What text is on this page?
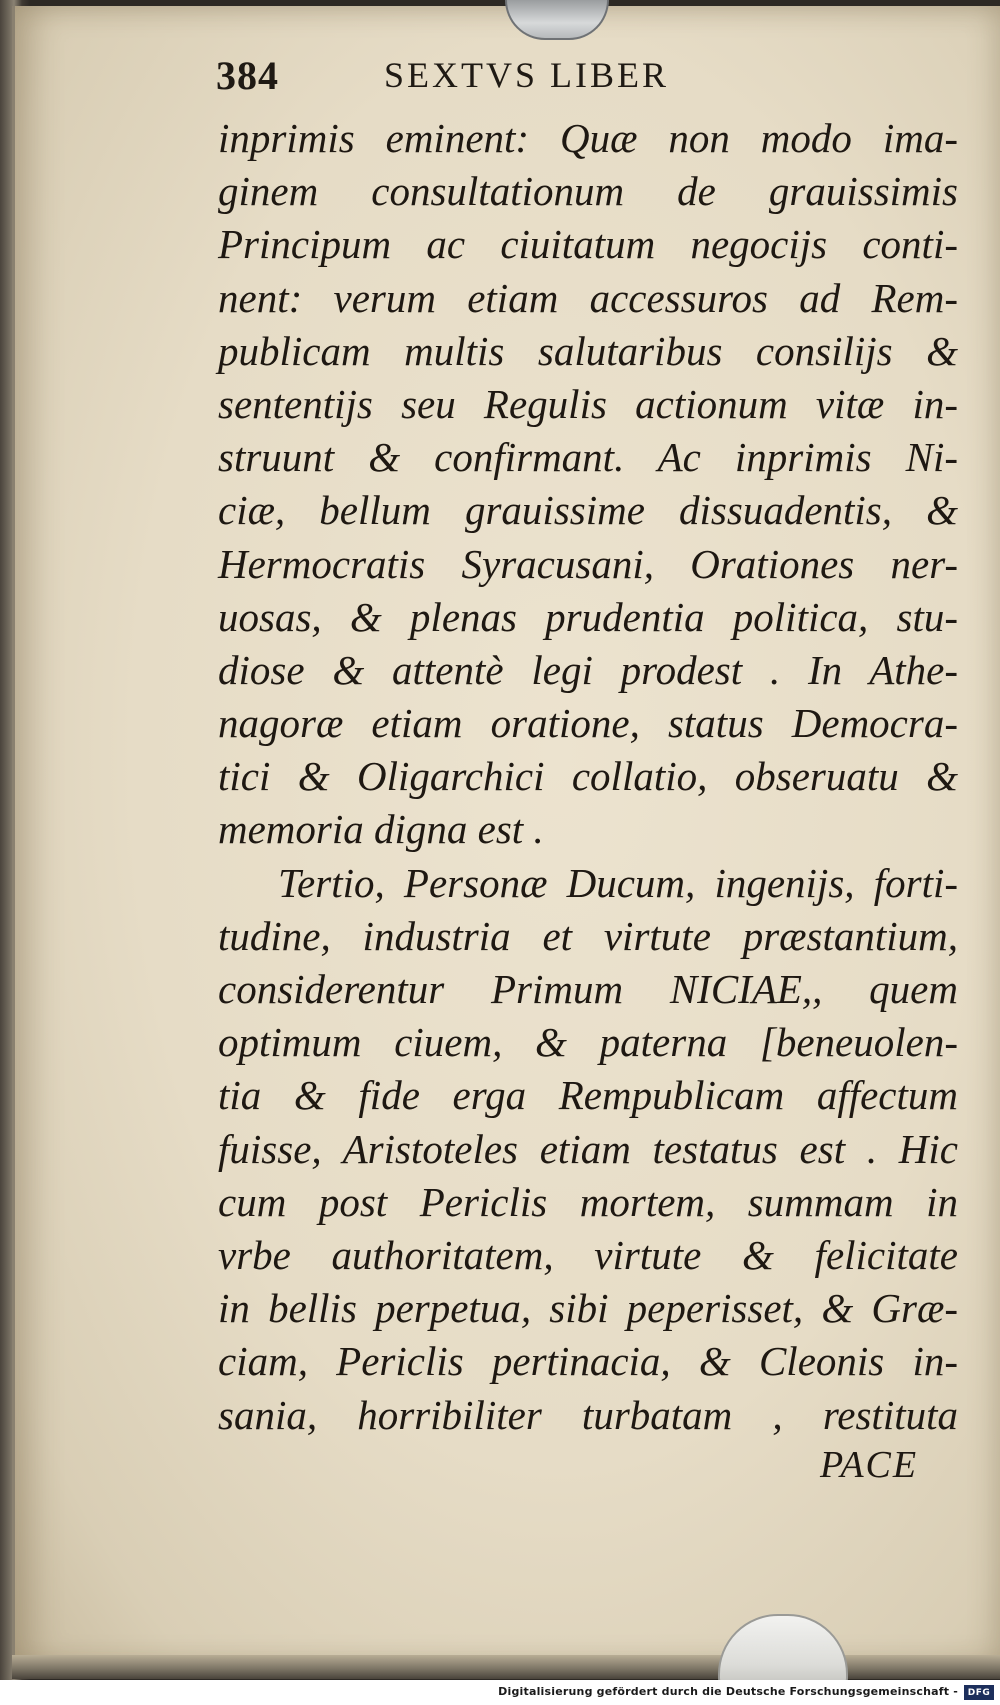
384	SEXTVS LIBER
inprimis eminent: Quæ non modo ima-
ginem consultationum de grauissimis
Principum ac ciuitatum negocijs conti-
nent: verum etiam accessuros ad Rem-
publicam multis salutaribus consilijs &
sententijs seu Regulis actionum vitæ in-
struunt & confirmant. Ac inprimis Ni-
ciæ, bellum grauissime dissuadentis, &
Hermocratis Syracusani, Orationes ner-
uosas, & plenas prudentia politica, stu-
diose & attentè legi prodest . In Athe-
nagoræ etiam oratione, status Democra-
tici & Oligarchici collatio, obseruatu &
memoria digna est .
Tertio, Personæ Ducum, ingenijs, forti-
tudine, industria et virtute præstantium,
considerentur Primum NICIAE,, quem
optimum ciuem, & paterna [beneuolen-
tia & fide erga Rempublicam affectum
fuisse, Aristoteles etiam testatus est . Hic
cum post Periclis mortem, summam in
vrbe authoritatem, virtute & felicitate
in bellis perpetua, sibi peperisset, & Græ-
ciam, Periclis pertinacia, & Cleonis in-
sania, horribiliter turbatam , restituta
PACE
Digitalisierung gefördert durch die Deutsche Forschungsgemeinschaft -	DFG
